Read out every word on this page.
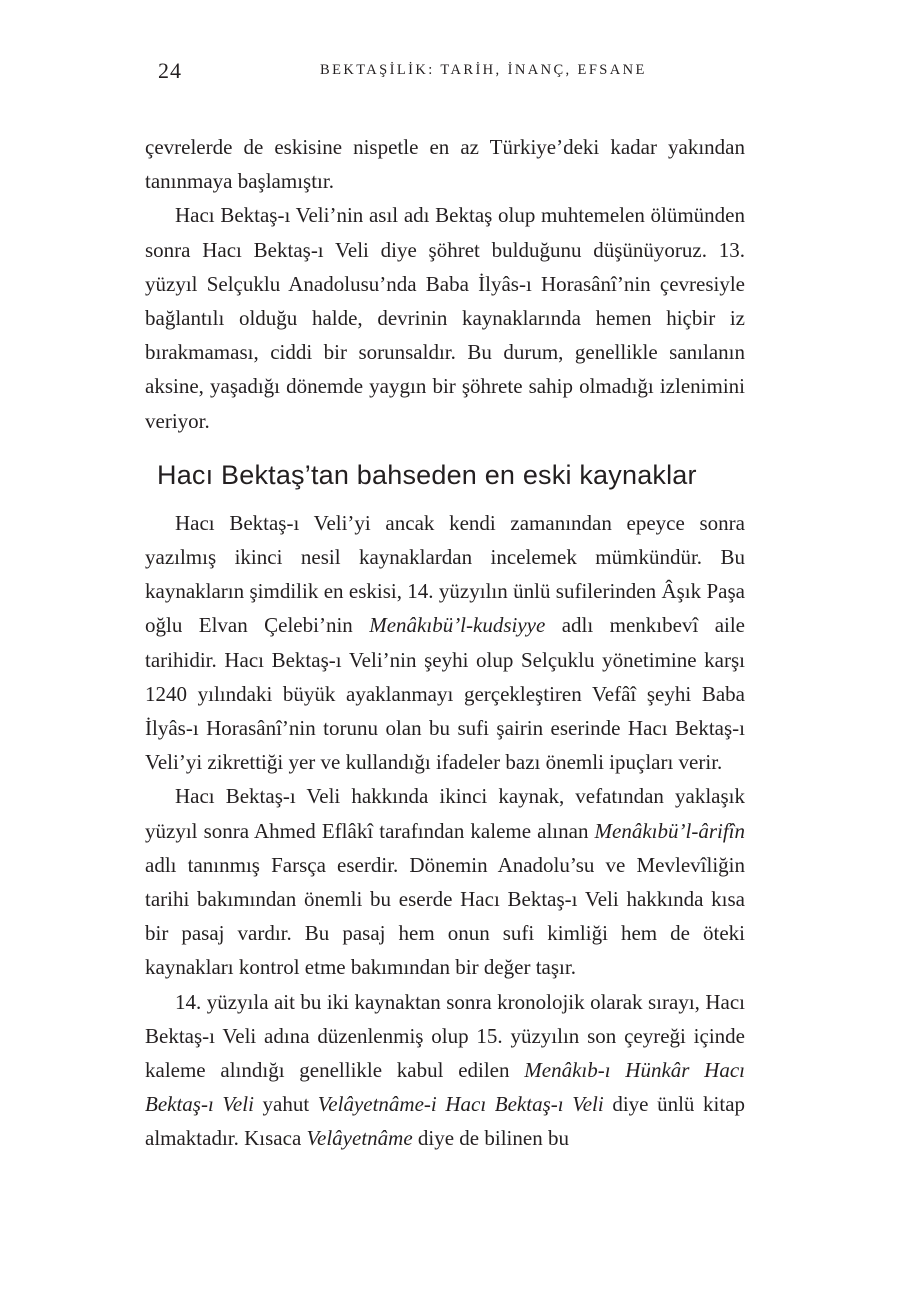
24	BEKTAŞİLİK: TARİH, İNANÇ, EFSANE

çevrelerde de eskisine nispetle en az Türkiye’deki kadar yakından tanınmaya başlamıştır.

Hacı Bektaş-ı Veli’nin asıl adı Bektaş olup muhtemelen ölümünden sonra Hacı Bektaş-ı Veli diye şöhret bulduğunu düşünüyoruz. 13. yüzyıl Selçuklu Anadolusu’nda Baba İlyâs-ı Horasânî’nin çevresiyle bağlantılı olduğu halde, devrinin kaynaklarında hemen hiçbir iz bırakmaması, ciddi bir sorunsaldır. Bu durum, genellikle sanılanın aksine, yaşadığı dönemde yaygın bir şöhrete sahip olmadığı izlenimini veriyor.

Hacı Bektaş’tan bahseden en eski kaynaklar

Hacı Bektaş-ı Veli’yi ancak kendi zamanından epeyce sonra yazılmış ikinci nesil kaynaklardan incelemek mümkündür. Bu kaynakların şimdilik en eskisi, 14. yüzyılın ünlü sufilerinden Âşık Paşa oğlu Elvan Çelebi’nin Menâkıbü’l-kudsiyye adlı menkıbevî aile tarihidir. Hacı Bektaş-ı Veli’nin şeyhi olup Selçuklu yönetimine karşı 1240 yılındaki büyük ayaklanmayı gerçekleştiren Vefâî şeyhi Baba İlyâs-ı Horasânî’nin torunu olan bu sufi şairin eserinde Hacı Bektaş-ı Veli’yi zikrettiği yer ve kullandığı ifadeler bazı önemli ipuçları verir.

Hacı Bektaş-ı Veli hakkında ikinci kaynak, vefatından yaklaşık yüzyıl sonra Ahmed Eflâkî tarafından kaleme alınan Menâkıbü’l-ârifîn adlı tanınmış Farsça eserdir. Dönemin Anadolu’su ve Mevlevîliğin tarihi bakımından önemli bu eserde Hacı Bektaş-ı Veli hakkında kısa bir pasaj vardır. Bu pasaj hem onun sufi kimliği hem de öteki kaynakları kontrol etme bakımından bir değer taşır.

14. yüzyıla ait bu iki kaynaktan sonra kronolojik olarak sırayı, Hacı Bektaş-ı Veli adına düzenlenmiş olup 15. yüzyılın son çeyreği içinde kaleme alındığı genellikle kabul edilen Menâkıb-ı Hünkâr Hacı Bektaş-ı Veli yahut Velâyetnâme-i Hacı Bektaş-ı Veli diye ünlü kitap almaktadır. Kısaca Velâyetnâme diye de bilinen bu
